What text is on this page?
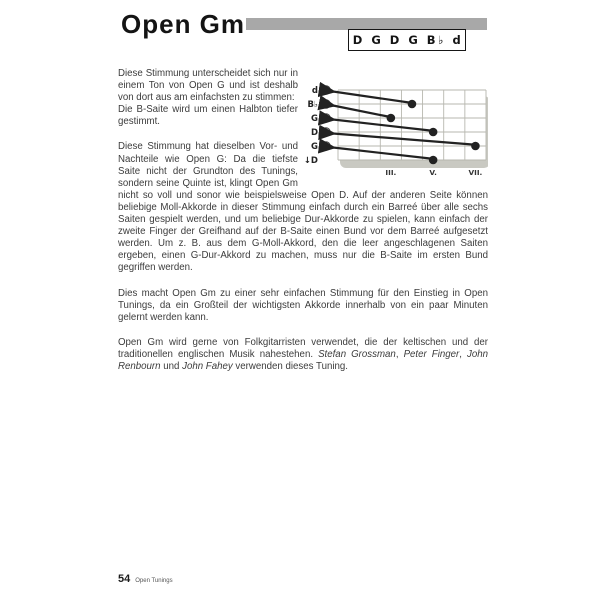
Open Gm
D G D G B♭ d
d
B♭
G
D
G
↓D
III.	V.	VII.

Diese Stimmung unterscheidet sich nur in einem Ton von Open G und ist deshalb von dort aus am einfachsten zu stimmen:
Die B-Saite wird um einen Halbton tiefer gestimmt.

Diese Stimmung hat dieselben Vor- und Nachteile wie Open G: Da die tiefste Saite nicht der Grundton des Tunings, sondern seine Quinte ist, klingt Open Gm nicht so voll und sonor wie beispielsweise Open D. Auf der anderen Seite können beliebige Moll-Akkorde in dieser Stimmung einfach durch ein Barreé über alle sechs Saiten gespielt werden, und um beliebige Dur-Akkorde zu spielen, kann einfach der zweite Finger der Greifhand auf der B-Saite einen Bund vor dem Barreé aufgesetzt werden. Um z. B. aus dem G-Moll-Akkord, den die leer angeschlagenen Saiten ergeben, einen G-Dur-Akkord zu machen, muss nur die B-Saite im ersten Bund gegriffen werden.

Dies macht Open Gm zu einer sehr einfachen Stimmung für den Einstieg in Open Tunings, da ein Großteil der wichtigsten Akkorde innerhalb von ein paar Minuten gelernt werden kann.

Open Gm wird gerne von Folkgitarristen verwendet, die der keltischen und der traditionellen englischen Musik nahestehen. Stefan Grossman, Peter Finger, John Renbourn und John Fahey verwenden dieses Tuning.

54 Open Tunings
